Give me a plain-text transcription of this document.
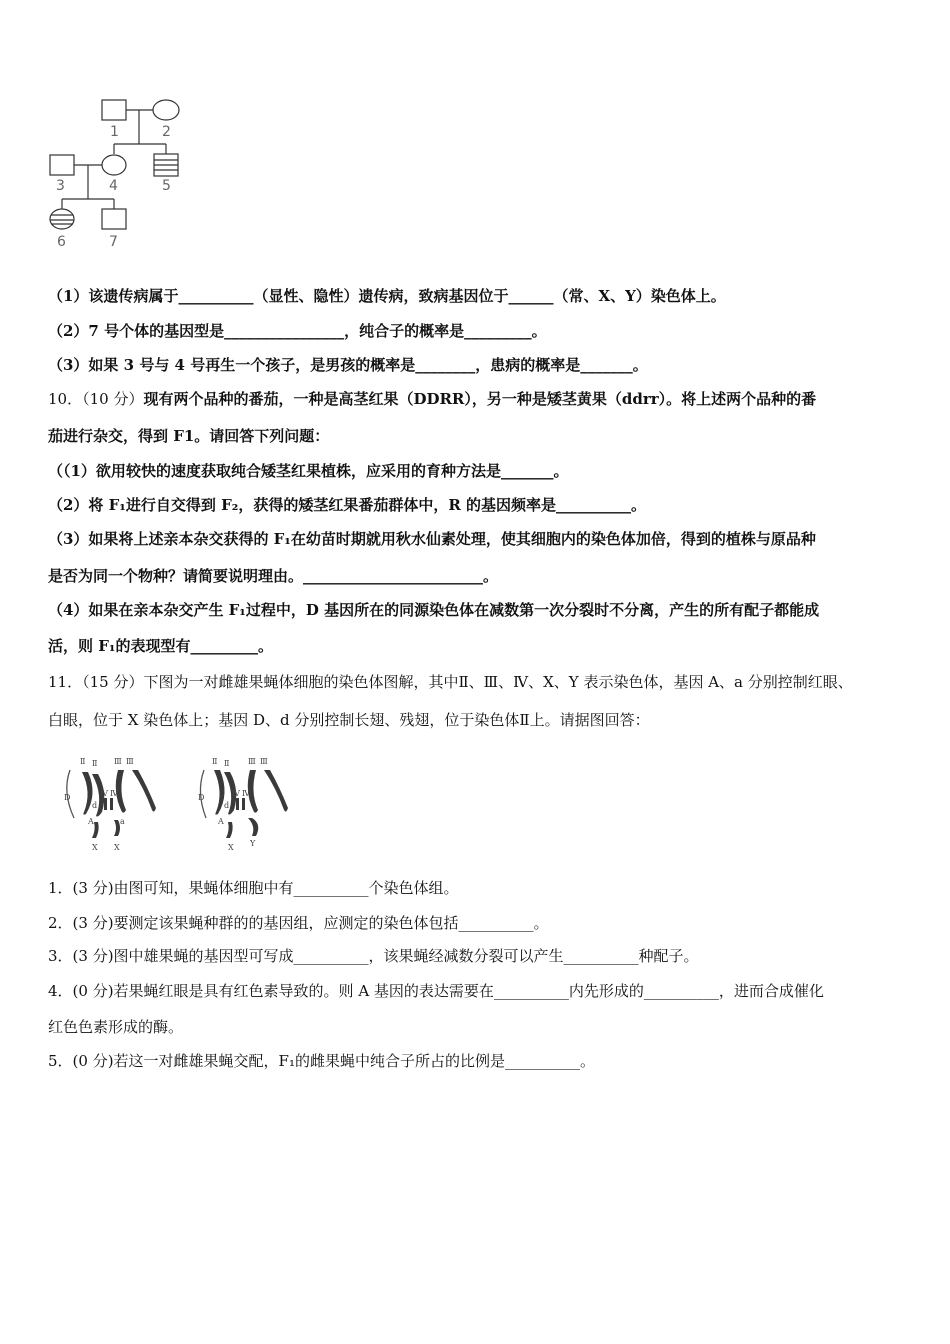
1	2
3	4	5
6	7
（1）该遗传病属于__________（显性、隐性）遗传病，致病基因位于______（常、X、Y）染色体上。
（2）7 号个体的基因型是________________，纯合子的概率是_________。
（3）如果 3 号与 4 号再生一个孩子，是男孩的概率是________，患病的概率是_______。
10．（10 分）现有两个品种的番茄，一种是高茎红果（DDRR），另一种是矮茎黄果（ddrr）。将上述两个品种的番
茄进行杂交，得到 F1。请回答下列问题：
（（1）欲用较快的速度获取纯合矮茎红果植株，应采用的育种方法是_______。
（2）将 F₁进行自交得到 F₂，获得的矮茎红果番茄群体中，R 的基因频率是__________。
（3）如果将上述亲本杂交获得的 F₁在幼苗时期就用秋水仙素处理，使其细胞内的染色体加倍，得到的植株与原品种
是否为同一个物种？请简要说明理由。________________________。
（4）如果在亲本杂交产生 F₁过程中，D 基因所在的同源染色体在减数第一次分裂时不分离，产生的所有配子都能成
活，则 F₁的表现型有_________。
11．（15 分）下图为一对雌雄果蝇体细胞的染色体图解，其中Ⅱ、Ⅲ、Ⅳ、X、Y 表示染色体，基因 A、a 分别控制红眼、
白眼，位于 X 染色体上；基因 D、d 分别控制长翅、残翅，位于染色体Ⅱ上。请据图回答：
Ⅱ Ⅱ Ⅲ Ⅲ
D
d
Ⅳ Ⅳ
A	a
X X
Ⅱ Ⅱ Ⅲ Ⅲ
D
d
Ⅳ Ⅳ
A
X Y
1．(3 分)由图可知，果蝇体细胞中有__________个染色体组。
2．(3 分)要测定该果蝇种群的的基因组，应测定的染色体包括__________。
3．(3 分)图中雄果蝇的基因型可写成__________，该果蝇经减数分裂可以产生__________种配子。
4．(0 分)若果蝇红眼是具有红色素导致的。则 A 基因的表达需要在__________内先形成的__________，进而合成催化
红色色素形成的酶。
5．(0 分)若这一对雌雄果蝇交配，F₁的雌果蝇中纯合子所占的比例是__________。
